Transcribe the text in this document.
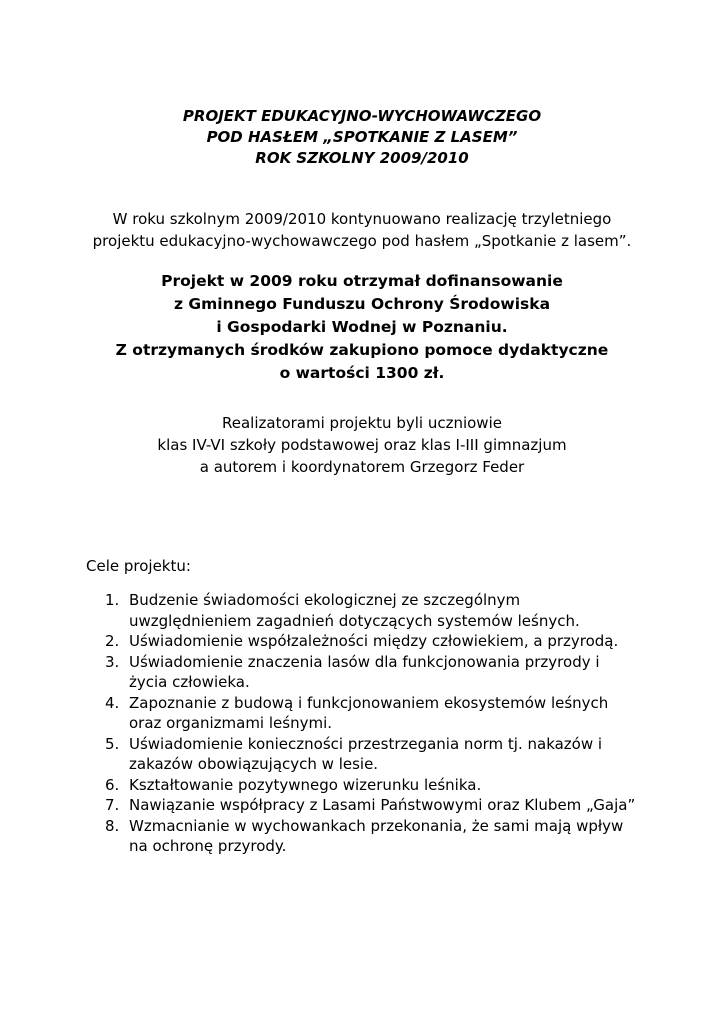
PROJEKT EDUKACYJNO-WYCHOWAWCZEGO
POD HASŁEM „SPOTKANIE Z LASEM”
ROK SZKOLNY 2009/2010
W roku szkolnym 2009/2010 kontynuowano realizację trzyletniego
projektu edukacyjno-wychowawczego pod hasłem „Spotkanie z lasem”.
Projekt w 2009 roku otrzymał dofinansowanie
z Gminnego Funduszu Ochrony Środowiska
i Gospodarki Wodnej w Poznaniu.
Z otrzymanych środków zakupiono pomoce dydaktyczne
o wartości 1300 zł.
Realizatorami projektu byli uczniowie
klas IV-VI szkoły podstawowej oraz klas I-III gimnazjum
a autorem i koordynatorem Grzegorz Feder
Cele projektu:
1. Budzenie świadomości ekologicznej ze szczególnym
uwzględnieniem zagadnień dotyczących systemów leśnych.
2. Uświadomienie współzależności między człowiekiem, a przyrodą.
3. Uświadomienie znaczenia lasów dla funkcjonowania przyrody i
życia człowieka.
4. Zapoznanie z budową i funkcjonowaniem ekosystemów leśnych
oraz organizmami leśnymi.
5. Uświadomienie konieczności przestrzegania norm tj. nakazów i
zakazów obowiązujących w lesie.
6. Kształtowanie pozytywnego wizerunku leśnika.
7. Nawiązanie współpracy z Lasami Państwowymi oraz Klubem „Gaja”
8. Wzmacnianie w wychowankach przekonania, że sami mają wpływ
na ochronę przyrody.
